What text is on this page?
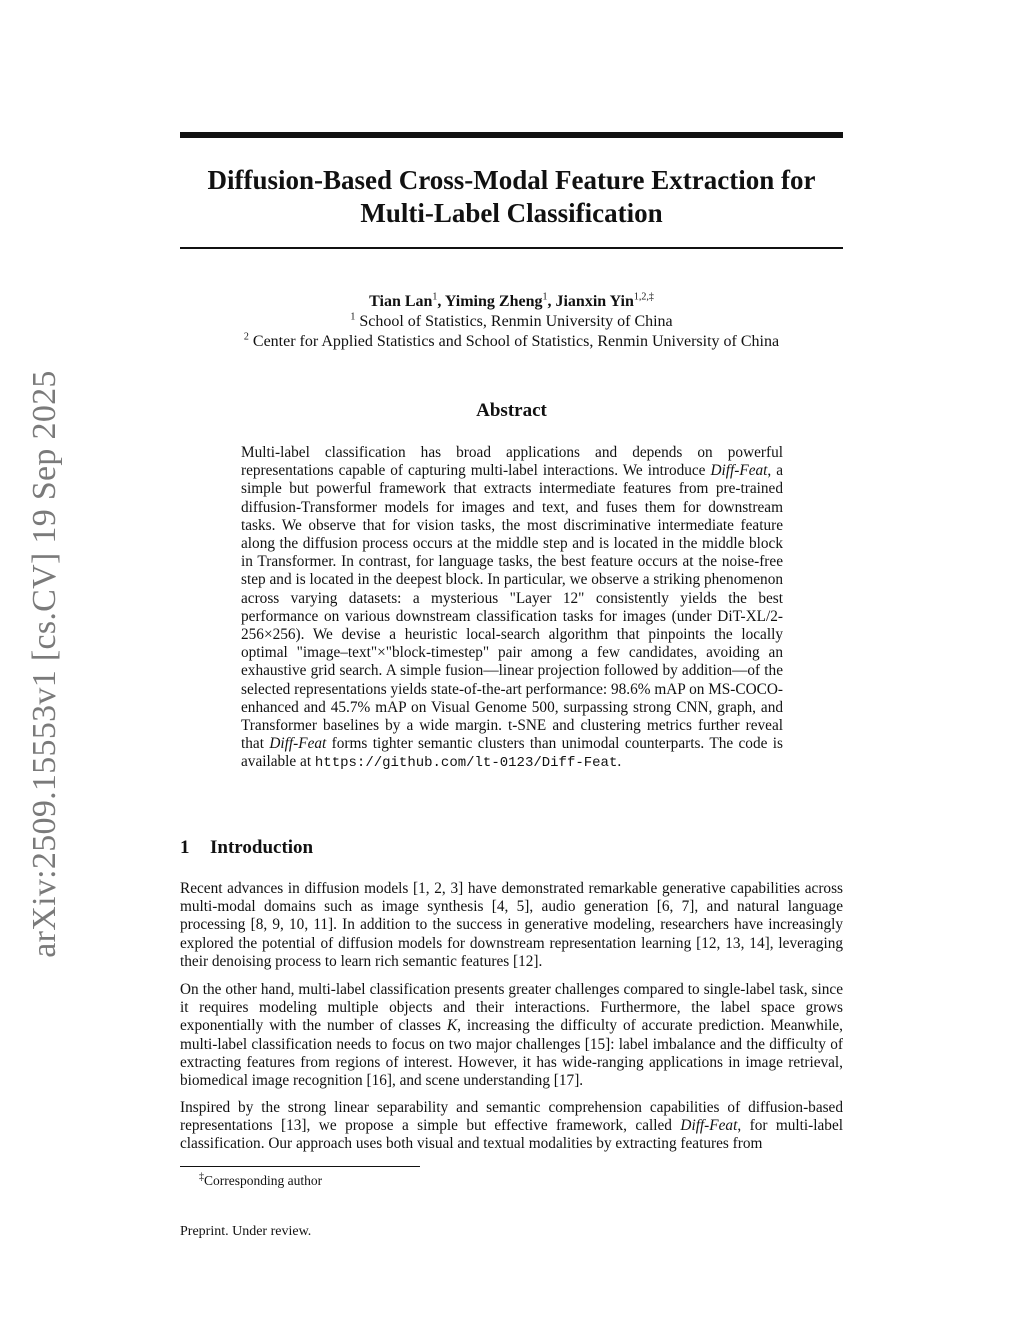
arXiv:2509.15553v1 [cs.CV] 19 Sep 2025
Diffusion-Based Cross-Modal Feature Extraction for
Multi-Label Classification
Tian Lan$^1$, Yiming Zheng$^1$, Jianxin Yin$^{1,2,\ddagger}$
$^1$ School of Statistics, Renmin University of China
$^2$ Center for Applied Statistics and School of Statistics, Renmin University of China
Abstract

Multi-label classification has broad applications and depends on powerful representations capable of capturing multi-label interactions. We introduce Diff-Feat, a simple but powerful framework that extracts intermediate features from pre-trained diffusion-Transformer models for images and text, and fuses them for downstream tasks. We observe that for vision tasks, the most discriminative intermediate feature along the diffusion process occurs at the middle step and is located in the middle block in Transformer. In contrast, for language tasks, the best feature occurs at the noise-free step and is located in the deepest block. In particular, we observe a striking phenomenon across varying datasets: a mysterious "Layer 12" consistently yields the best performance on various downstream classification tasks for images (under DiT-XL/2-256×256). We devise a heuristic local-search algorithm that pinpoints the locally optimal "image–text"×"block-timestep" pair among a few candidates, avoiding an exhaustive grid search. A simple fusion—linear projection followed by addition—of the selected representations yields state-of-the-art performance: 98.6% mAP on MS-COCO-enhanced and 45.7% mAP on Visual Genome 500, surpassing strong CNN, graph, and Transformer baselines by a wide margin. t-SNE and clustering metrics further reveal that Diff-Feat forms tighter semantic clusters than unimodal counterparts. The code is available at https://github.com/lt-0123/Diff-Feat.

1 Introduction

Recent advances in diffusion models [1, 2, 3] have demonstrated remarkable generative capabilities across multi-modal domains such as image synthesis [4, 5], audio generation [6, 7], and natural language processing [8, 9, 10, 11]. In addition to the success in generative modeling, researchers have increasingly explored the potential of diffusion models for downstream representation learning [12, 13, 14], leveraging their denoising process to learn rich semantic features [12].

On the other hand, multi-label classification presents greater challenges compared to single-label task, since it requires modeling multiple objects and their interactions. Furthermore, the label space grows exponentially with the number of classes K, increasing the difficulty of accurate prediction. Meanwhile, multi-label classification needs to focus on two major challenges [15]: label imbalance and the difficulty of extracting features from regions of interest. However, it has wide-ranging applications in image retrieval, biomedical image recognition [16], and scene understanding [17].

Inspired by the strong linear separability and semantic comprehension capabilities of diffusion-based representations [13], we propose a simple but effective framework, called Diff-Feat, for multi-label classification. Our approach uses both visual and textual modalities by extracting features from

‡Corresponding author

Preprint. Under review.
